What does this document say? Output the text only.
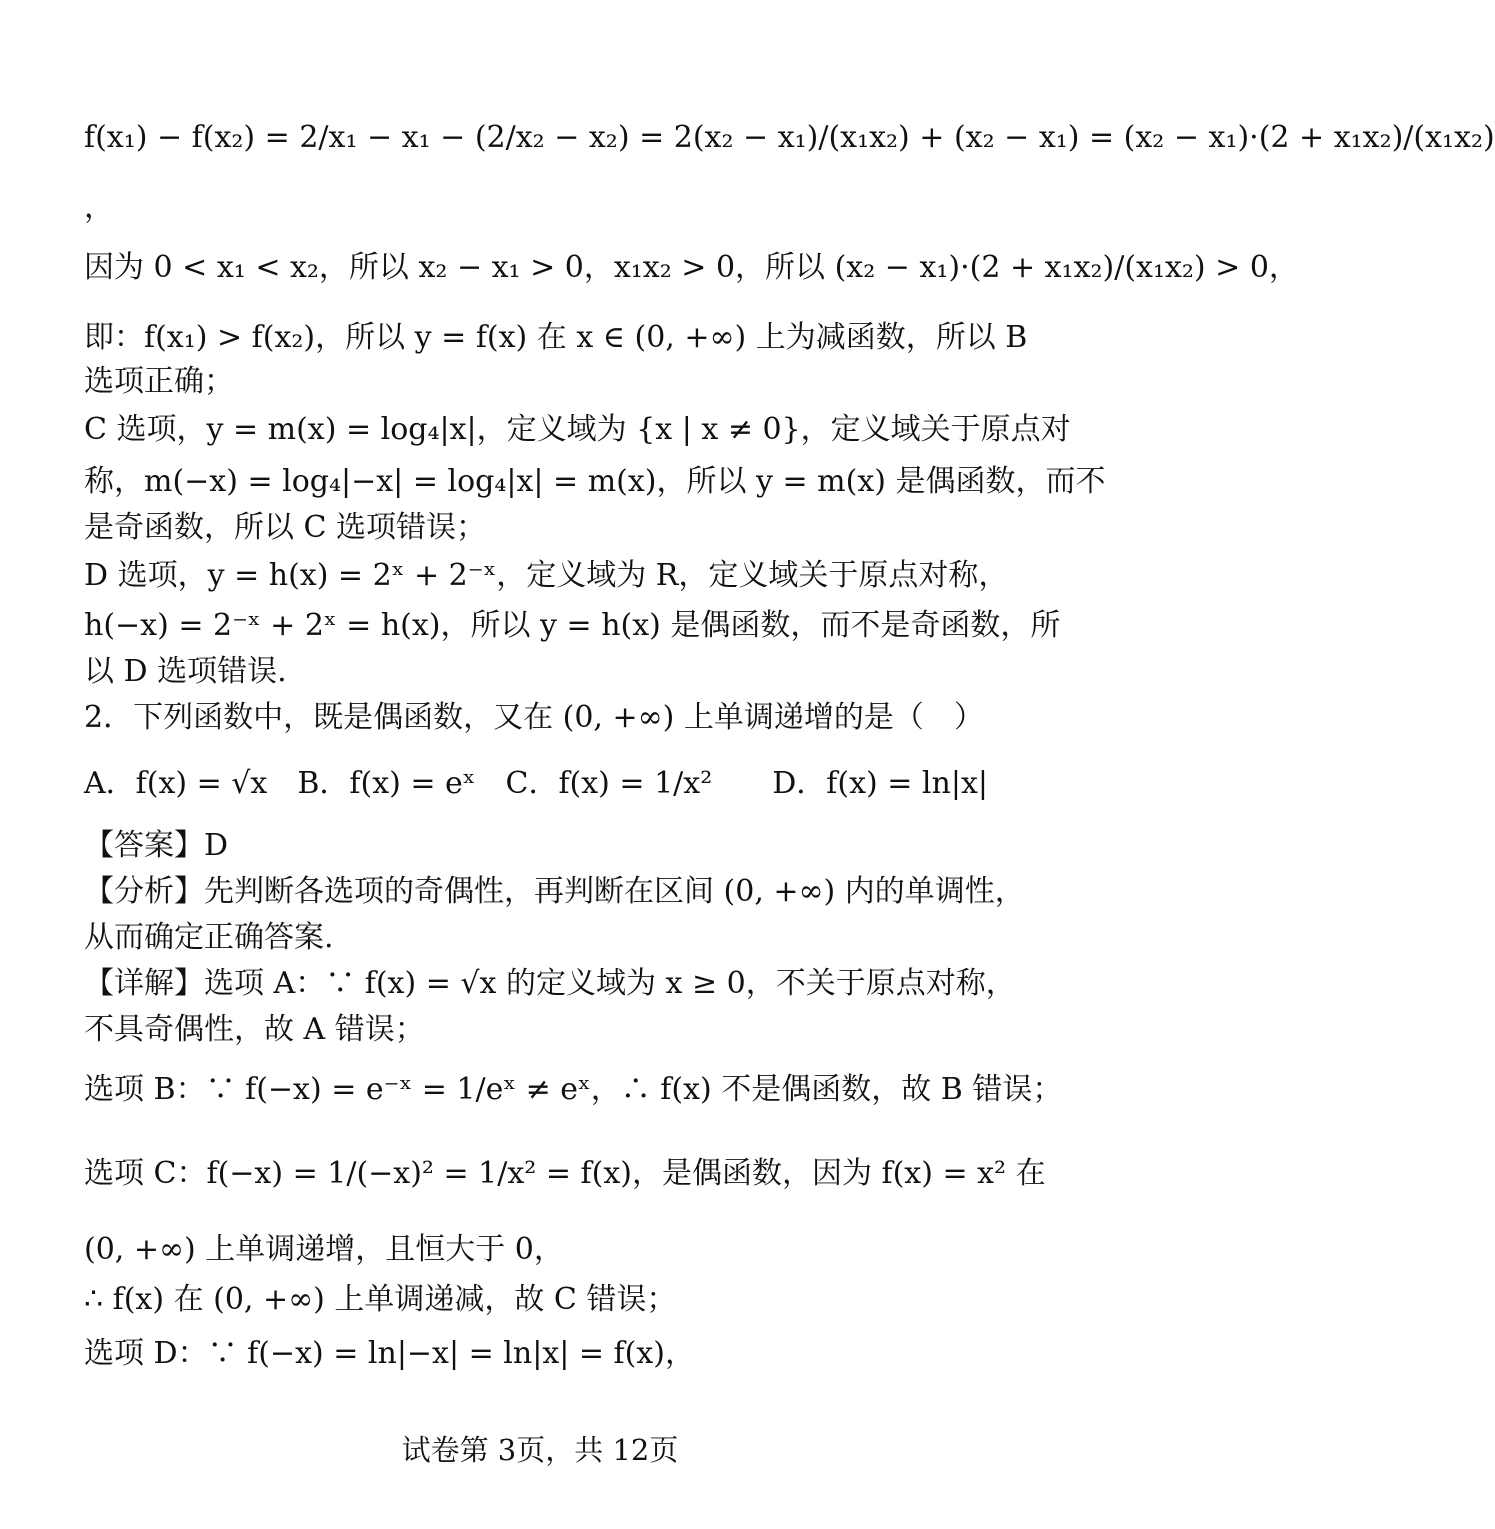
f(x₁) − f(x₂) = 2/x₁ − x₁ − (2/x₂ − x₂) = 2(x₂ − x₁)/(x₁x₂) + (x₂ − x₁) = (x₂ − x₁)·(2 + x₁x₂)/(x₁x₂)
，
因为 0 < x₁ < x₂，所以 x₂ − x₁ > 0，x₁x₂ > 0，所以 (x₂ − x₁)·(2 + x₁x₂)/(x₁x₂) > 0，
即：f(x₁) > f(x₂)，所以 y = f(x) 在 x ∈ (0, +∞) 上为减函数，所以 B
选项正确；
C 选项，y = m(x) = log₄|x|，定义域为 {x | x ≠ 0}，定义域关于原点对
称，m(−x) = log₄|−x| = log₄|x| = m(x)，所以 y = m(x) 是偶函数，而不
是奇函数，所以 C 选项错误；
D 选项，y = h(x) = 2ˣ + 2⁻ˣ，定义域为 R，定义域关于原点对称，
h(−x) = 2⁻ˣ + 2ˣ = h(x)，所以 y = h(x) 是偶函数，而不是奇函数，所
以 D 选项错误.
2．下列函数中，既是偶函数，又在 (0, +∞) 上单调递增的是（　）
A．f(x) = √x　B．f(x) = eˣ　C．f(x) = 1/x²　　D．f(x) = ln|x|
【答案】D
【分析】先判断各选项的奇偶性，再判断在区间 (0, +∞) 内的单调性，
从而确定正确答案.
【详解】选项 A：∵ f(x) = √x 的定义域为 x ≥ 0，不关于原点对称，
不具奇偶性，故 A 错误；
选项 B：∵ f(−x) = e⁻ˣ = 1/eˣ ≠ eˣ，∴ f(x) 不是偶函数，故 B 错误；
选项 C：f(−x) = 1/(−x)² = 1/x² = f(x)，是偶函数，因为 f(x) = x² 在
(0, +∞) 上单调递增，且恒大于 0，
∴ f(x) 在 (0, +∞) 上单调递减，故 C 错误；
选项 D：∵ f(−x) = ln|−x| = ln|x| = f(x)，
试卷第 3页，共 12页
